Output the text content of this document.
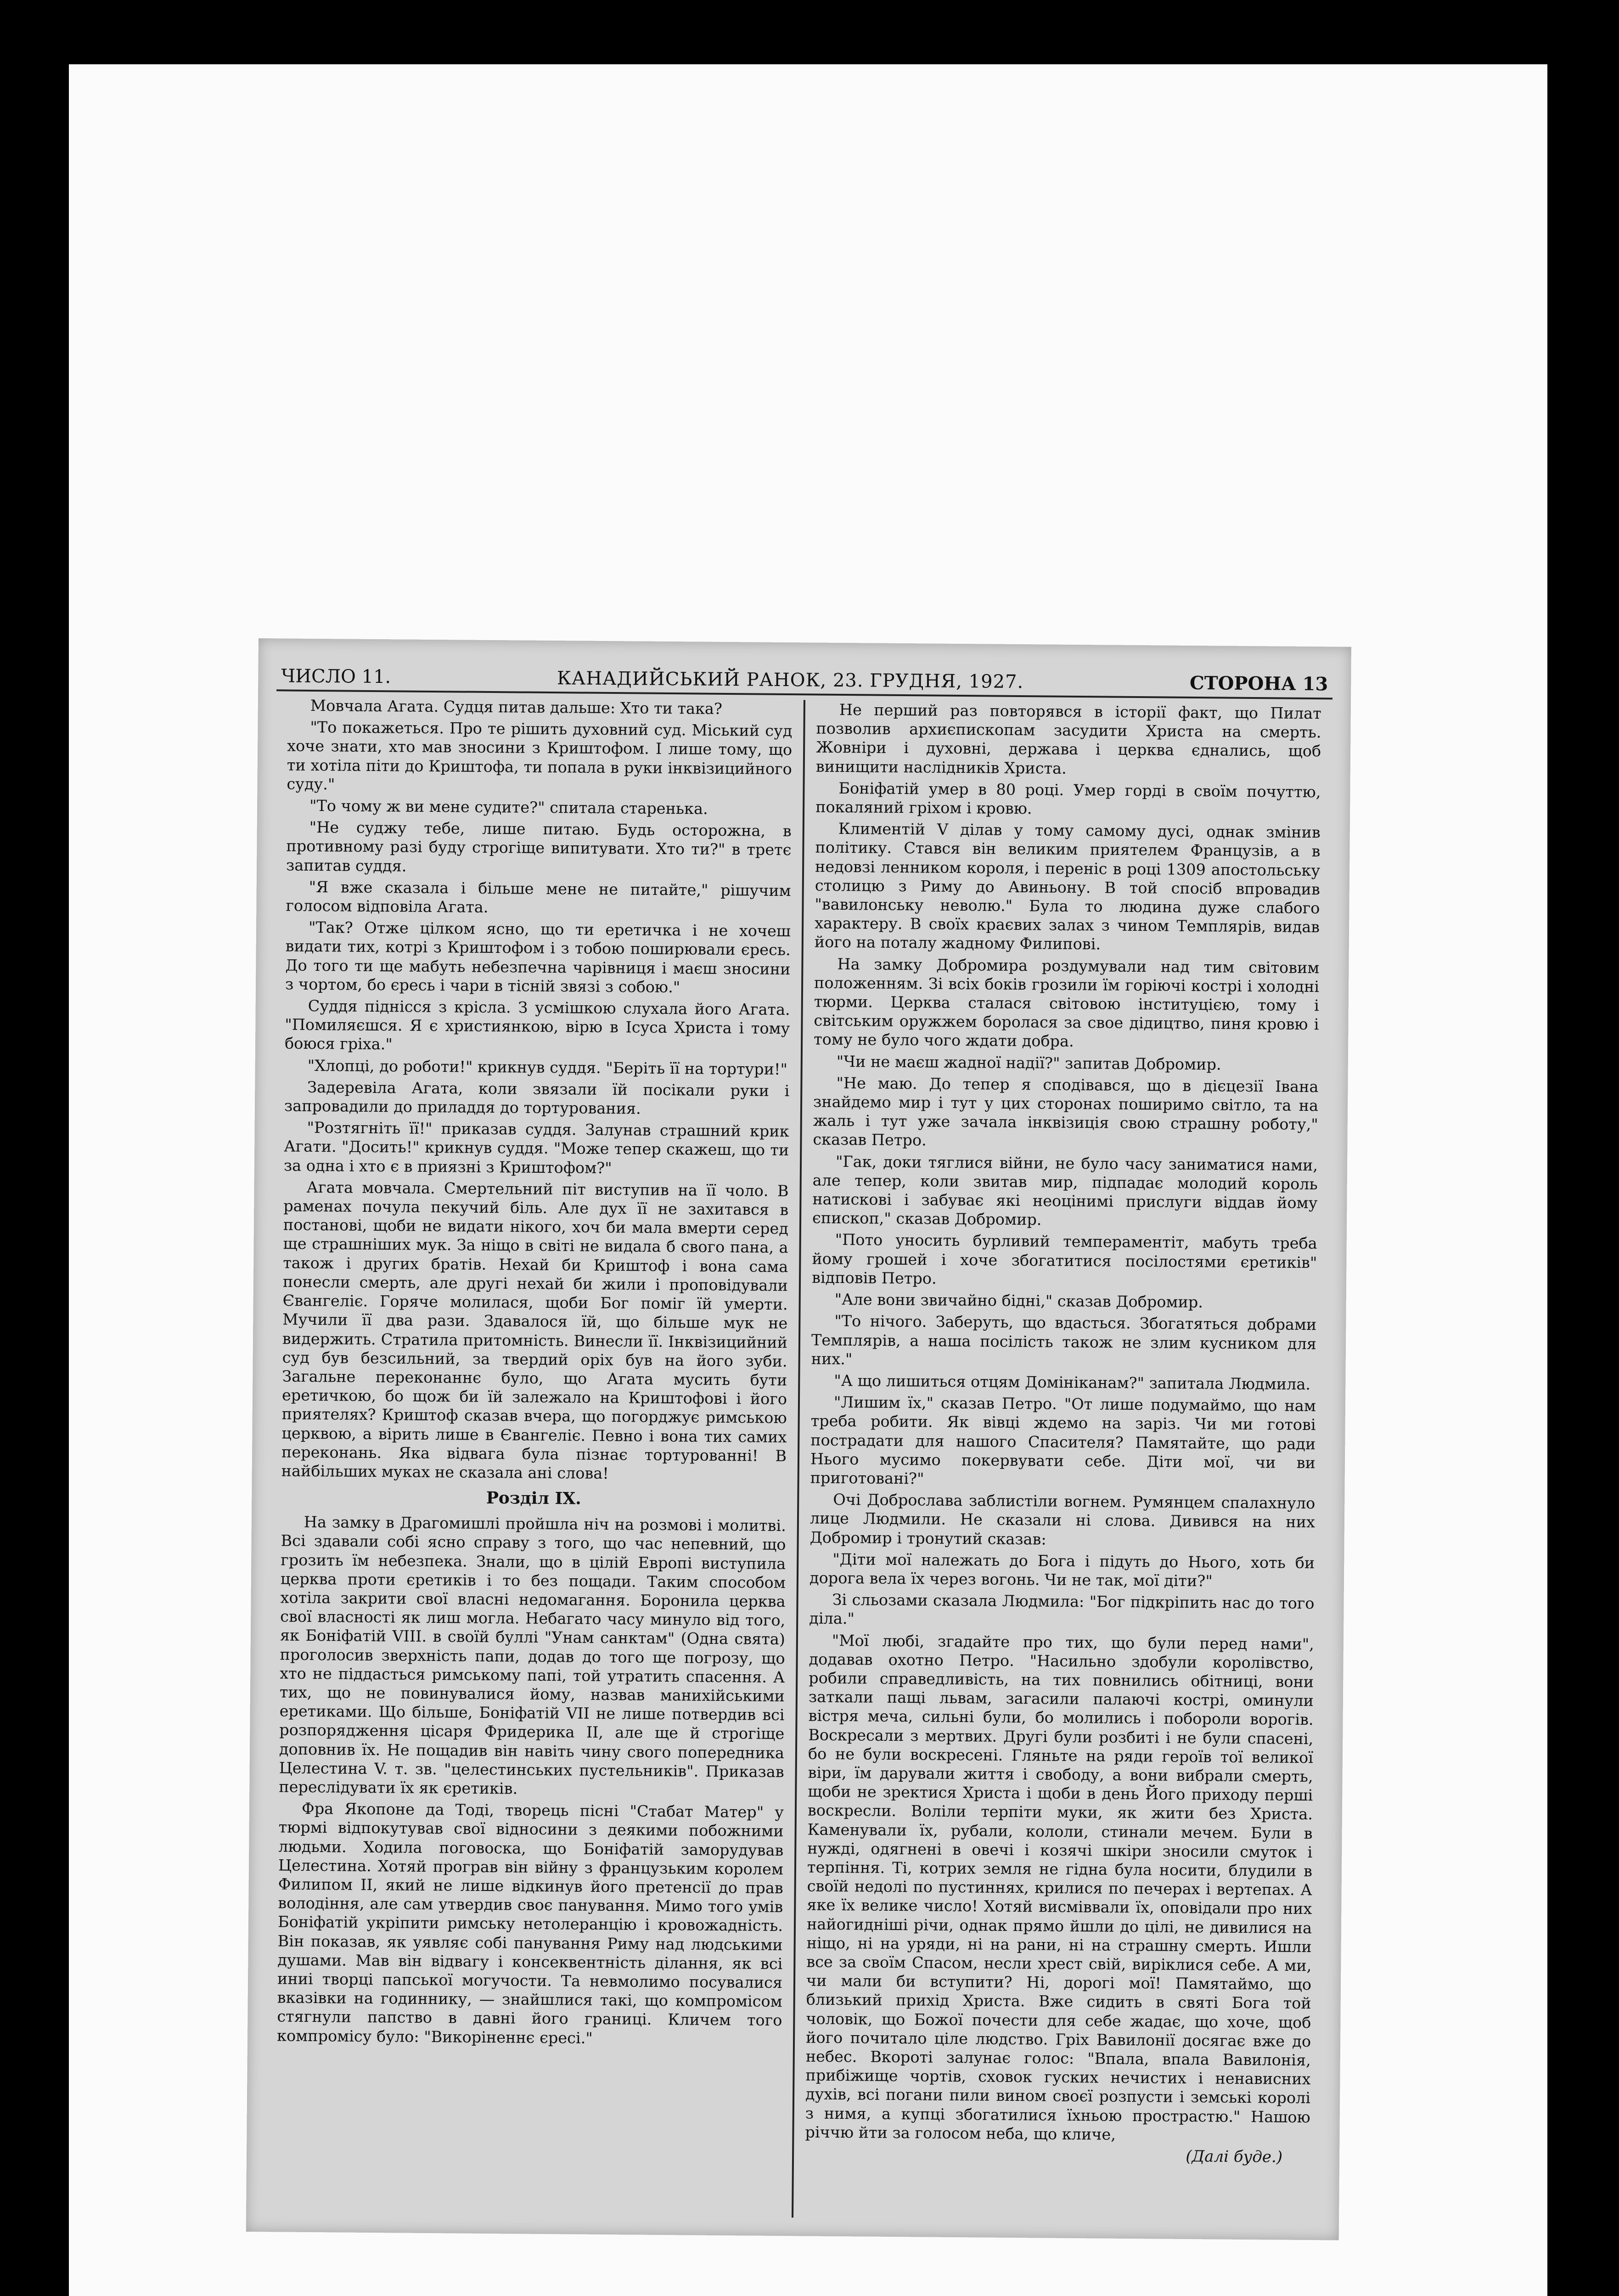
ЧИСЛО 11.	КАНАДИЙСЬКИЙ РАНОК, 23. ГРУДНЯ, 1927.	СТОРОНА 13

Мовчала Агата. Судця питав дальше: Хто ти така?

"То покажеться. Про те рішить духовний суд. Міський суд хоче знати, хто мав зносини з Криштофом. І лише тому, що ти хотіла піти до Криштофа, ти попала в руки інквізицийного суду."

"То чому ж ви мене судите?" спитала старенька.

"Не суджу тебе, лише питаю. Будь осторожна, в противному разі буду строгіще випитувати. Хто ти?" в третє запитав суддя.

"Я вже сказала і більше мене не питайте," рішучим голосом відповіла Агата.

"Так? Отже цілком ясно, що ти еретичка і не хочеш видати тих, котрі з Криштофом і з тобою поширювали єресь. До того ти ще мабуть небезпечна чарівниця і маєш зносини з чортом, бо єресь і чари в тісній звязі з собою."

Суддя піднісся з крісла. З усмішкою слухала його Агата. "Помиляєшся. Я є християнкою, вірю в Ісуса Христа і тому боюся гріха."

"Хлопці, до роботи!" крикнув суддя. "Беріть її на тортури!"

Задеревіла Агата, коли звязали їй посікали руки і запровадили до приладдя до тортурования.

"Розтягніть її!" приказав суддя. Залунав страшний крик Агати. "Досить!" крикнув суддя. "Може тепер скажеш, що ти за одна і хто є в приязні з Криштофом?"

Агата мовчала. Смертельний піт виступив на її чоло. В раменах почула пекучий біль. Але дух її не захитався в постанові, щоби не видати нікого, хоч би мала вмерти серед ще страшніших мук. За ніщо в світі не видала б свого пана, а також і других братів. Нехай би Криштоф і вона сама понесли смерть, але другі нехай би жили і проповідували Євангеліє. Горяче молилася, щоби Бог поміг їй умерти. Мучили її два рази. Здавалося їй, що більше мук не видержить. Стратила притомність. Винесли її. Інквізицийний суд був безсильний, за твердий оріх був на його зуби. Загальне переконаннє було, що Агата мусить бути еретичкою, бо щож би їй залежало на Криштофові і його приятелях? Криштоф сказав вчера, що погорджує римською церквою, а вірить лише в Євангеліє. Певно і вона тих самих переконань. Яка відвага була пізнає тортурованні! В найбільших муках не сказала ані слова!

Розділ IX.

На замку в Драгомишлі пройшла ніч на розмові і молитві. Всі здавали собі ясно справу з того, що час непевний, що грозить їм небезпека. Знали, що в цілій Европі виступила церква проти єретиків і то без пощади. Таким способом хотіла закрити свої власні недомагання. Боронила церква свої власності як лиш могла. Небагато часу минуло від того, як Боніфатій VIII. в своїй буллі "Унам санктам" (Одна свята) проголосив зверхність папи, додав до того ще погрозу, що хто не піддасться римському папі, той утратить спасення. А тих, що не повинувалися йому, назвав манихійськими еретиками. Що більше, Боніфатій VII не лише потвердив всі розпорядження цісаря Фридерика ІІ, але ще й строгіще доповнив їх. Не пощадив він навіть чину свого попередника Целестина V. т. зв. "целестинських пустельників". Приказав переслідувати їх як єретиків.

Фра Якопоне да Тоді, творець пісні "Стабат Матер" у тюрмі відпокутував свої відносини з деякими побожними людьми. Ходила поговоска, що Боніфатій заморудував Целестина. Хотяй програв він війну з французьким королем Филипом ІІ, який не лише відкинув його претенсії до прав володіння, але сам утвердив своє панування. Мимо того умів Боніфатій укріпити римську нетолеранцію і кровожадність. Він показав, як уявляє собі панування Риму над людськими душами. Мав він відвагу і консеквентність ділання, як всі иниі творці папської могучости. Та невмолимо посувалися вказівки на годиннику, — знайшлися такі, що компромісом стягнули папство в давні його границі. Кличем того компромісу було: "Викоріненнє єресі."

Не перший раз повторявся в історії факт, що Пилат позволив архиєпископам засудити Христа на смерть. Жовніри і духовні, держава і церква єднались, щоб винищити наслідників Христа.

Боніфатій умер в 80 році. Умер горді в своїм почуттю, покаляний гріхом і кровю.

Климентій V ділав у тому самому дусі, однак змінив політику. Стався він великим приятелем Французів, а в недовзі ленником короля, і переніс в році 1309 апостольську столицю з Риму до Авиньону. В той спосіб впровадив "вавилонську неволю." Була то людина дуже слабого характеру. В своїх краєвих залах з чином Темплярів, видав його на поталу жадному Филипові.

На замку Добромира роздумували над тим світовим положенням. Зі всіх боків грозили їм горіючі кострі і холодні тюрми. Церква сталася світовою інституцією, тому і світським оружжем боролася за свое дідицтво, пиня кровю і тому не було чого ждати добра.

"Чи не маєш жадної надії?" запитав Добромир.

"Не маю. До тепер я сподівався, що в дієцезії Івана знайдемо мир і тут у цих сторонах поширимо світло, та на жаль і тут уже зачала інквізиція свою страшну роботу," сказав Петро.

"Гак, доки тяглися війни, не було часу заниматися нами, але тепер, коли звитав мир, підпадає молодий король натискові і забуває які неоцінимі прислуги віддав йому єпископ," сказав Добромир.

"Пото уносить бурливий темпераментіт, мабуть треба йому грошей і хоче збогатитися посілостями єретиків" відповів Петро.

"Але вони звичайно бідні," сказав Добромир.

"То нічого. Заберуть, що вдасться. Збогатяться добрами Темплярів, а наша посілість також не злим кусником для них."

"А що лишиться отцям Домініканам?" запитала Людмила.

"Лишим їх," сказав Петро. "От лише подумаймо, що нам треба робити. Як вівці ждемо на заріз. Чи ми готові пострадати для нашого Спасителя? Памятайте, що ради Нього мусимо покервувати себе. Діти мої, чи ви приготовані?"

Очі Доброслава заблистіли вогнем. Румянцем спалахнуло лице Людмили. Не сказали ні слова. Дивився на них Добромир і тронутий сказав:

"Діти мої належать до Бога і підуть до Нього, хоть би дорога вела їх через вогонь. Чи не так, мої діти?"

Зі сльозами сказала Людмила: "Бог підкріпить нас до того діла."

"Мої любі, згадайте про тих, що були перед нами", додавав охотно Петро. "Насильно здобули королівство, робили справедливість, на тих повнились обітниці, вони заткали пащі львам, загасили палаючі кострі, оминули вістря меча, сильні були, бо молились і побороли ворогів. Воскресали з мертвих. Другі були розбиті і не були спасені, бо не були воскресені. Гляньте на ряди героїв тої великої віри, їм дарували життя і свободу, а вони вибрали смерть, щоби не зректися Христа і щоби в день Його приходу перші воскресли. Воліли терпіти муки, як жити без Христа. Каменували їх, рубали, кололи, стинали мечем. Були в нужді, одягнені в овечі і козячі шкіри зносили смуток і терпіння. Ті, котрих земля не гідна була носити, блудили в своїй недолі по пустиннях, крилися по печерах і вертепах. А яке їх велике число! Хотяй висміввали їх, оповідали про них найогидніші річи, однак прямо йшли до цілі, не дивилися на ніщо, ні на уряди, ні на рани, ні на страшну смерть. Ишли все за своїм Спасом, несли хрест свій, виріклися себе. А ми, чи мали би вступити? Ні, дорогі мої! Памятаймо, що близький прихід Христа. Вже сидить в святі Бога той чоловік, що Божої почести для себе жадає, що хоче, щоб його почитало ціле людство. Гріх Вавилонії досягає вже до небес. Вкороті залунає голос: "Впала, впала Вавилонія, прибіжище чортів, сховок гуских нечистих і ненависних духів, всі погани пили вином своєї розпусти і земські королі з нимя, а купці збогатилися їхньою прострастю." Нашою річчю йти за голосом неба, що кличе,

(Далі буде.)
